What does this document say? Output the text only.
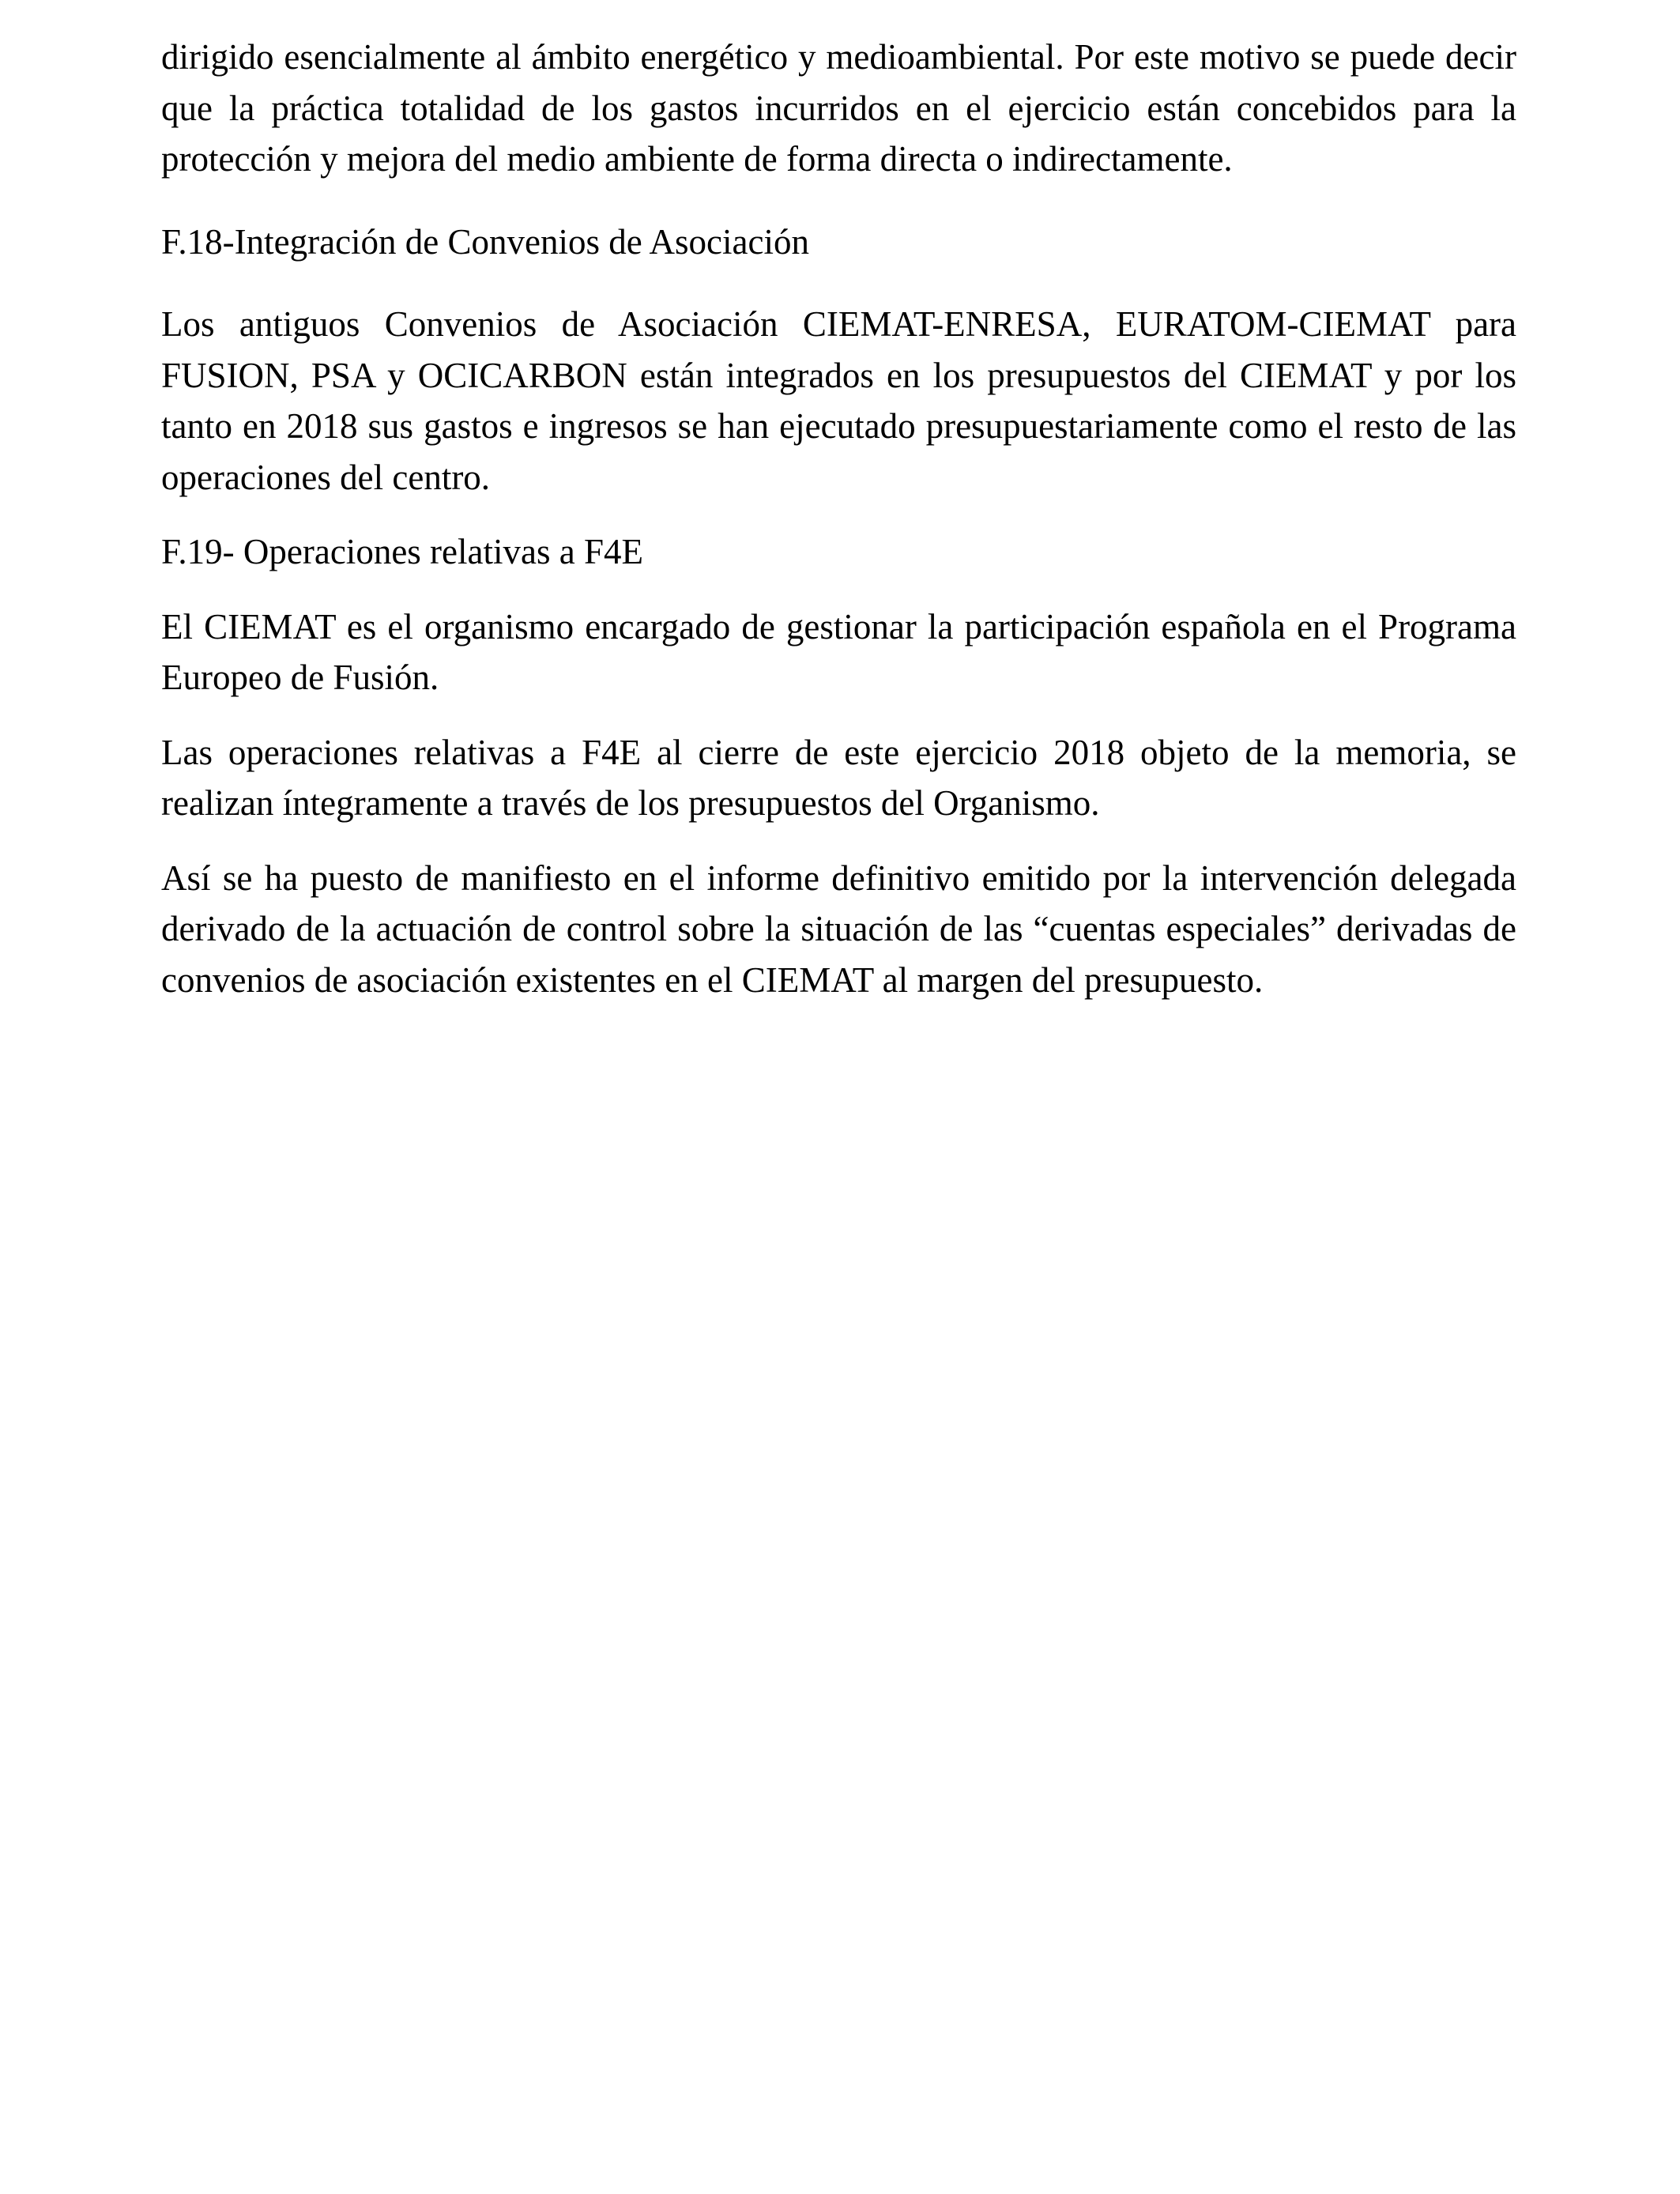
dirigido esencialmente al ámbito energético y medioambiental. Por este motivo se puede decir que la práctica totalidad de los gastos incurridos en el ejercicio están concebidos para la protección y mejora del medio ambiente de forma directa o indirectamente.

F.18-Integración de Convenios de Asociación

Los antiguos Convenios de Asociación CIEMAT-ENRESA, EURATOM-CIEMAT para FUSION, PSA y OCICARBON están integrados en los presupuestos del CIEMAT y por los tanto en 2018 sus gastos e ingresos se han ejecutado presupuestariamente como el resto de las operaciones del centro.

F.19- Operaciones relativas a F4E

El CIEMAT es el organismo encargado de gestionar la participación española en el Programa Europeo de Fusión.

Las operaciones relativas a F4E al cierre de este ejercicio 2018 objeto de la memoria, se realizan íntegramente a través de los presupuestos del Organismo.

Así se ha puesto de manifiesto en el informe definitivo emitido por la intervención delegada derivado de la actuación de control sobre la situación de las “cuentas especiales” derivadas de convenios de asociación existentes en el CIEMAT al margen del presupuesto.
